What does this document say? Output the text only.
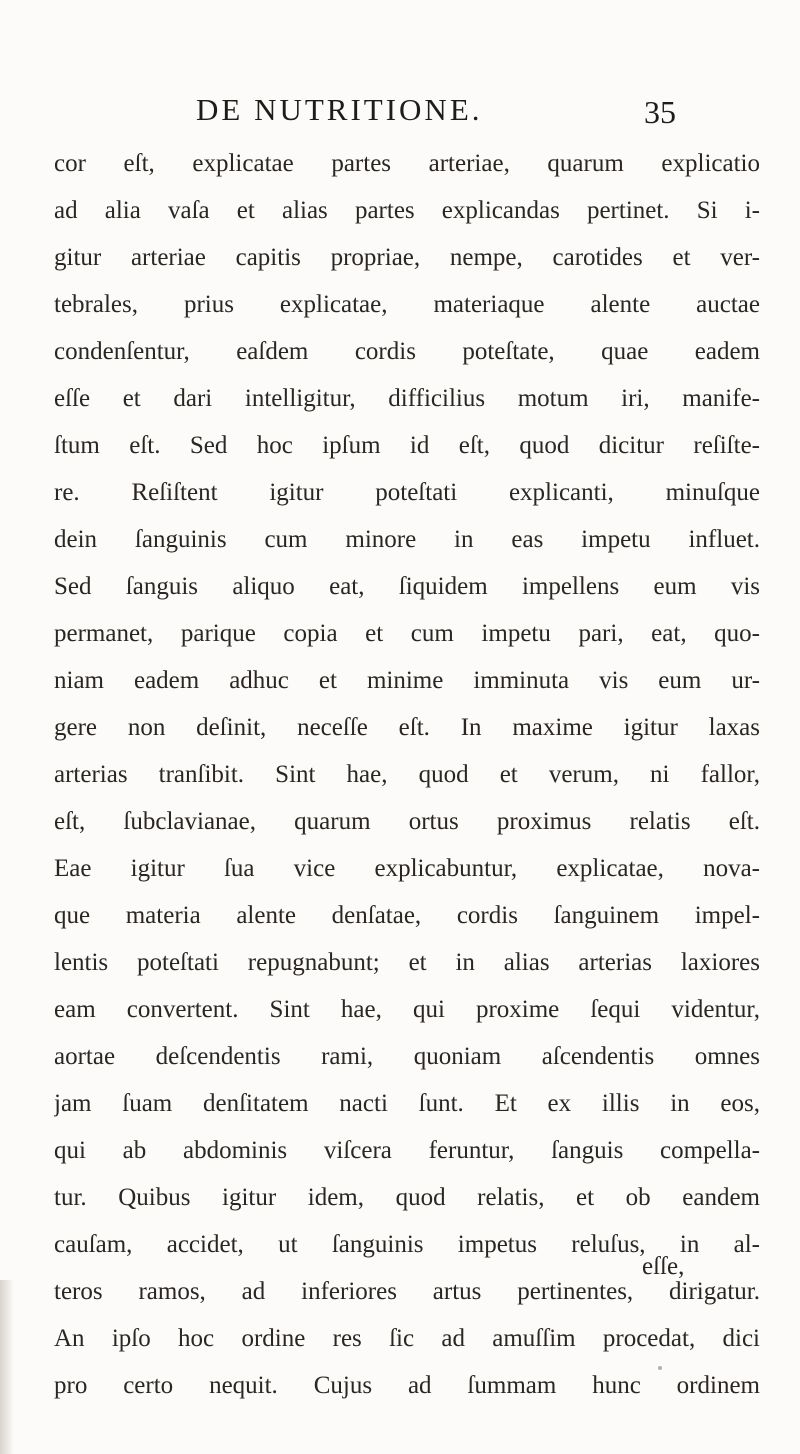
DE NUTRITIONE.	35
cor eſt, explicatae partes arteriae, quarum explicatio
ad alia vaſa et alias partes explicandas pertinet. Si i-
gitur arteriae capitis propriae, nempe, carotides et ver-
tebrales, prius explicatae, materiaque alente auctae
condenſentur, eaſdem cordis poteſtate, quae eadem
eſſe et dari intelligitur, difficilius motum iri, manife-
ſtum eſt. Sed hoc ipſum id eſt, quod dicitur reſiſte-
re. Reſiſtent igitur poteſtati explicanti, minuſque
dein ſanguinis cum minore in eas impetu influet.
Sed ſanguis aliquo eat, ſiquidem impellens eum vis
permanet, parique copia et cum impetu pari, eat, quo-
niam eadem adhuc et minime imminuta vis eum ur-
gere non deſinit, neceſſe eſt. In maxime igitur laxas
arterias tranſibit. Sint hae, quod et verum, ni fallor,
eſt, ſubclavianae, quarum ortus proximus relatis eſt.
Eae igitur ſua vice explicabuntur, explicatae, nova-
que materia alente denſatae, cordis ſanguinem impel-
lentis poteſtati repugnabunt; et in alias arterias laxiores
eam convertent. Sint hae, qui proxime ſequi videntur,
aortae deſcendentis rami, quoniam aſcendentis omnes
jam ſuam denſitatem nacti ſunt. Et ex illis in eos,
qui ab abdominis viſcera feruntur, ſanguis compella-
tur. Quibus igitur idem, quod relatis, et ob eandem
cauſam, accidet, ut ſanguinis impetus reluſus, in al-
teros ramos, ad inferiores artus pertinentes, dirigatur.
An ipſo hoc ordine res ſic ad amuſſim procedat, dici
pro certo nequit. Cujus ad ſummam hunc ordinem
eſſe,
